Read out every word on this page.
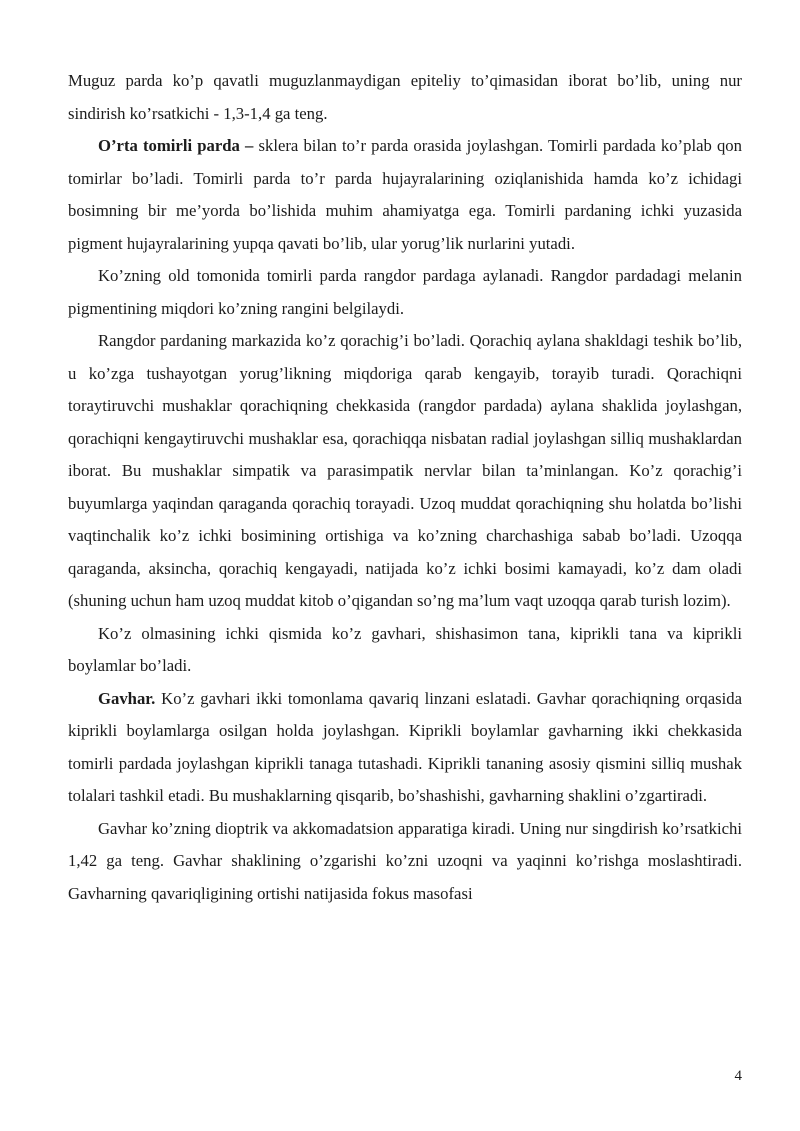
Muguz parda ko’p qavatli muguzlanmaydigan epiteliy to’qimasidan iborat bo’lib, uning nur sindirish ko’rsatkichi - 1,3-1,4 ga teng.

O’rta tomirli parda – sklera bilan to’r parda orasida joylashgan. Tomirli pardada ko’plab qon tomirlar bo’ladi. Tomirli parda to’r parda hujayralarining oziqlanishida hamda ko’z ichidagi bosimning bir me’yorda bo’lishida muhim ahamiyatga ega. Tomirli pardaning ichki yuzasida pigment hujayralarining yupqa qavati bo’lib, ular yorug’lik nurlarini yutadi.

Ko’zning old tomonida tomirli parda rangdor pardaga aylanadi. Rangdor pardadagi melanin pigmentining miqdori ko’zning rangini belgilaydi.

Rangdor pardaning markazida ko’z qorachig’i bo’ladi. Qorachiq aylana shakldagi teshik bo’lib, u ko’zga tushayotgan yorug’likning miqdoriga qarab kengayib, torayib turadi. Qorachiqni toraytiruvchi mushaklar qorachiqning chekkasida (rangdor pardada) aylana shaklida joylashgan, qorachiqni kengaytiruvchi mushaklar esa, qorachiqqa nisbatan radial joylashgan silliq mushaklardan iborat. Bu mushaklar simpatik va parasimpatik nervlar bilan ta’minlangan. Ko’z qorachig’i buyumlarga yaqindan qaraganda qorachiq torayadi. Uzoq muddat qorachiqning shu holatda bo’lishi vaqtinchalik ko’z ichki bosimining ortishiga va ko’zning charchashiga sabab bo’ladi. Uzoqqa qaraganda, aksincha, qorachiq kengayadi, natijada ko’z ichki bosimi kamayadi, ko’z dam oladi (shuning uchun ham uzoq muddat kitob o’qigandan so’ng ma’lum vaqt uzoqqa qarab turish lozim).

Ko’z olmasining ichki qismida ko’z gavhari, shishasimon tana, kiprikli tana va kiprikli boylamlar bo’ladi.

Gavhar. Ko’z gavhari ikki tomonlama qavariq linzani eslatadi. Gavhar qorachiqning orqasida kiprikli boylamlarga osilgan holda joylashgan. Kiprikli boylamlar gavharning ikki chekkasida tomirli pardada joylashgan kiprikli tanaga tutashadi. Kiprikli tananing asosiy qismini silliq mushak tolalari tashkil etadi. Bu mushaklarning qisqarib, bo’shashishi, gavharning shaklini o’zgartiradi.

Gavhar ko’zning dioptrik va akkomadatsion apparatiga kiradi. Uning nur singdirish ko’rsatkichi 1,42 ga teng. Gavhar shaklining o’zgarishi ko’zni uzoqni va yaqinni ko’rishga moslashtiradi. Gavharning qavariqligining ortishi natijasida fokus masofasi

4
